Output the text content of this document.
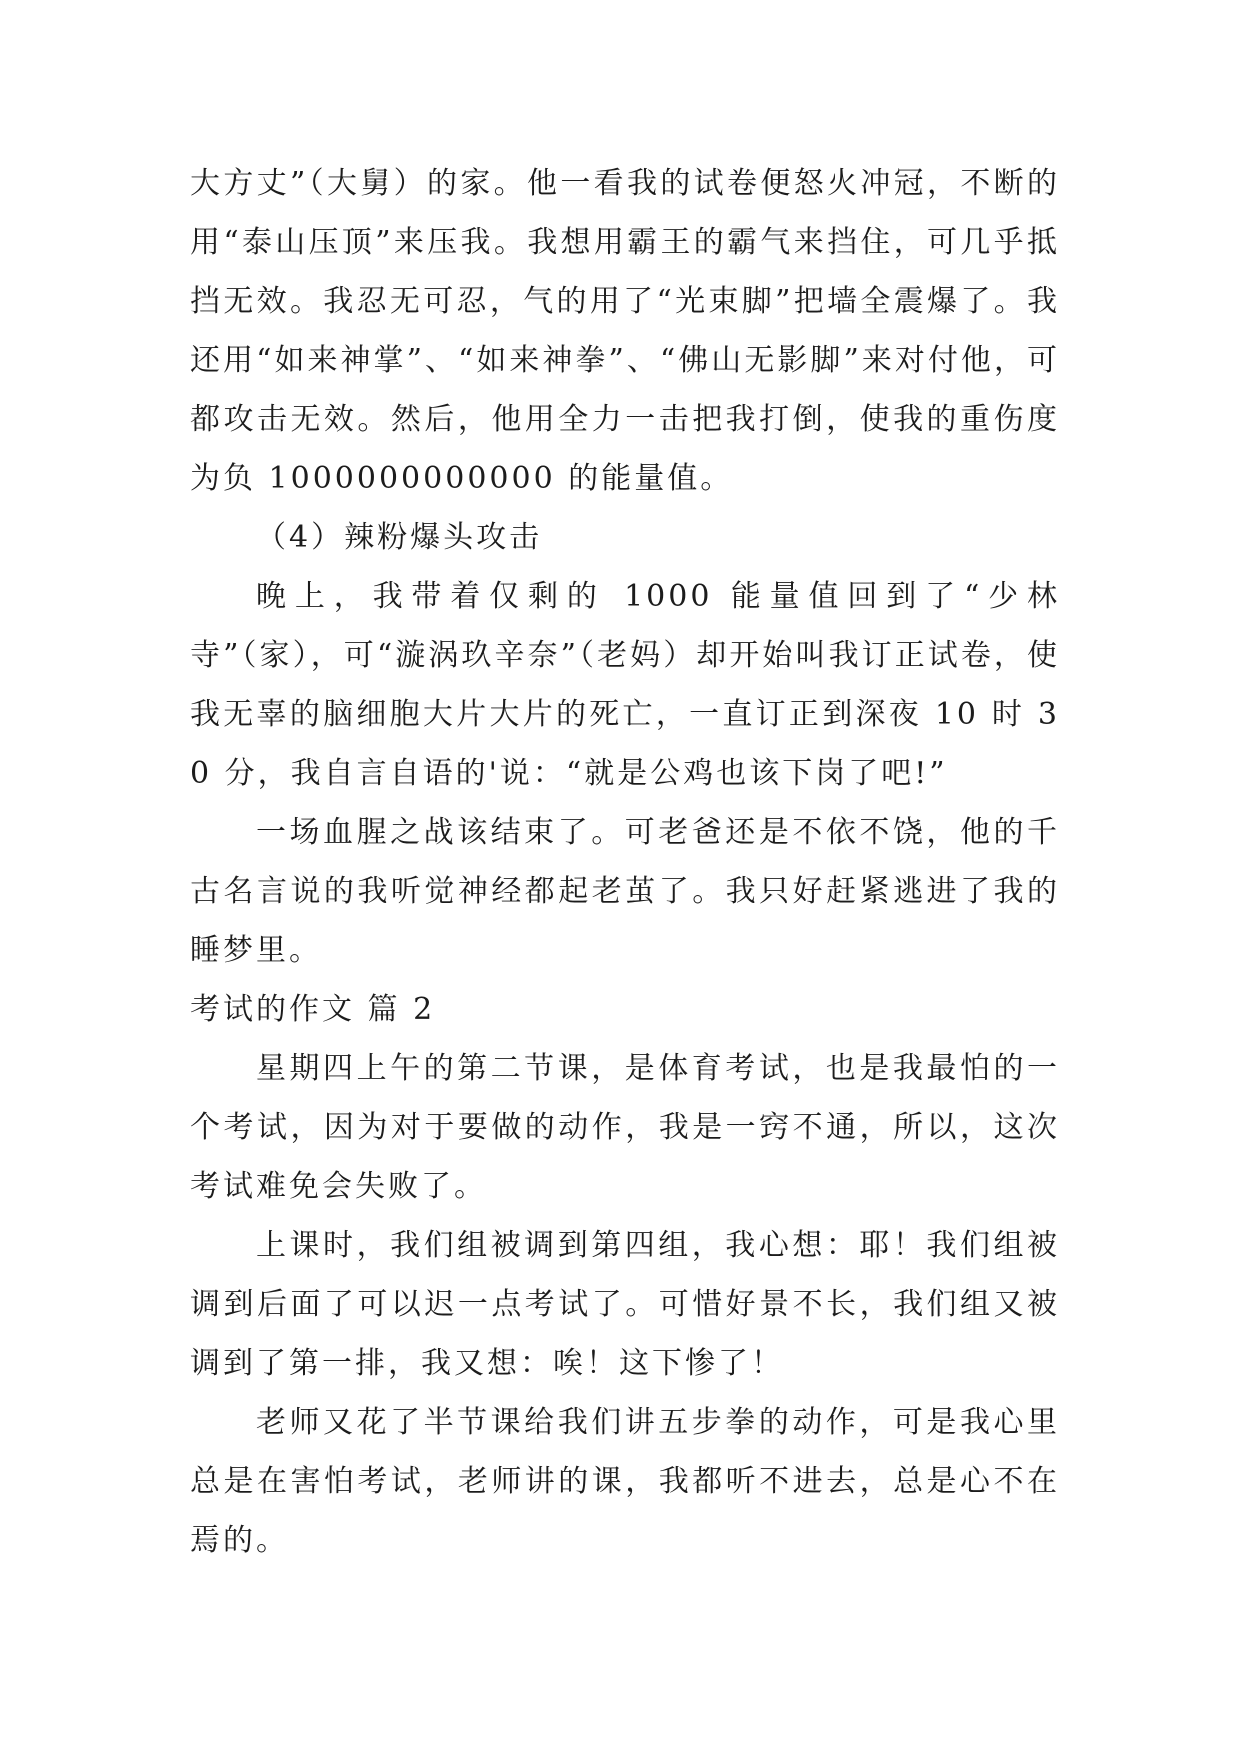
大方丈”（大舅）的家。他一看我的试卷便怒火冲冠，不断的用“泰山压顶”来压我。我想用霸王的霸气来挡住，可几乎抵挡无效。我忍无可忍，气的用了“光束脚”把墙全震爆了。我还用“如来神掌”、“如来神拳”、“佛山无影脚”来对付他，可都攻击无效。然后，他用全力一击把我打倒，使我的重伤度为负 1000000000000 的能量值。

（4）辣粉爆头攻击

晚上，我带着仅剩的 1000 能量值回到了“少林寺”（家），可“漩涡玖辛奈”（老妈）却开始叫我订正试卷，使我无辜的脑细胞大片大片的死亡，一直订正到深夜 10 时 30 分，我自言自语的'说：“就是公鸡也该下岗了吧!”

一场血腥之战该结束了。可老爸还是不依不饶，他的千古名言说的我听觉神经都起老茧了。我只好赶紧逃进了我的睡梦里。

考试的作文 篇 2

星期四上午的第二节课，是体育考试，也是我最怕的一个考试，因为对于要做的动作，我是一窍不通，所以，这次考试难免会失败了。

上课时，我们组被调到第四组，我心想：耶！我们组被调到后面了可以迟一点考试了。可惜好景不长，我们组又被调到了第一排，我又想：唉！这下惨了！

老师又花了半节课给我们讲五步拳的动作，可是我心里总是在害怕考试，老师讲的课，我都听不进去，总是心不在焉的。
